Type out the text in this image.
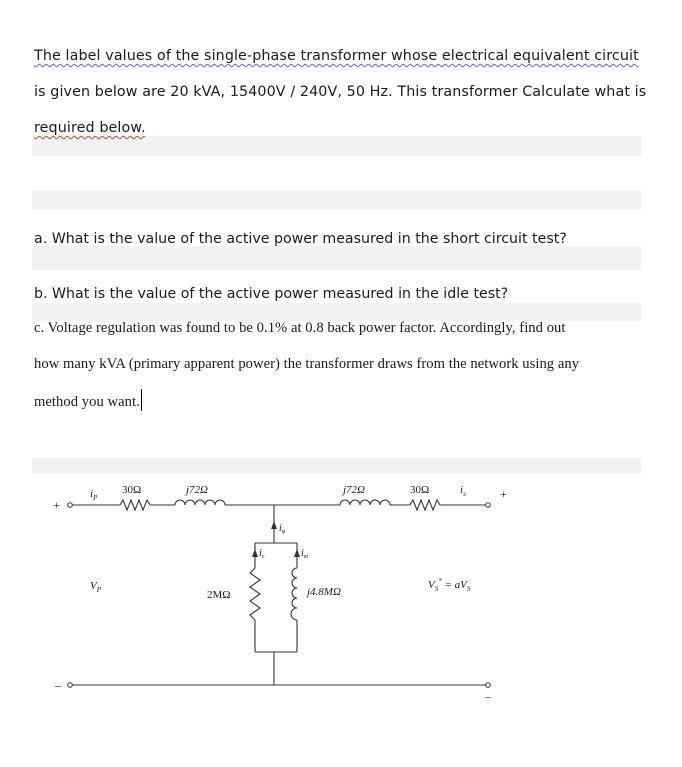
The label values of the single-phase transformer whose electrical equivalent circuit
is given below are 20 kVA, 15400V / 240V, 50 Hz. This transformer Calculate what is
required below.
a. What is the value of the active power measured in the short circuit test?
b. What is the value of the active power measured in the idle test?
c. Voltage regulation was found to be 0.1% at 0.8 back power factor. Accordingly, find out
how many kVA (primary apparent power) the transformer draws from the network using any
method you want.
$i_P$
30Ω	j72Ω	j72Ω	30Ω	$i_s$
iφ
ic	im
2MΩ	j4.8MΩ
$V_P$	$V_S^* = aV_S$
+
–
+
–
